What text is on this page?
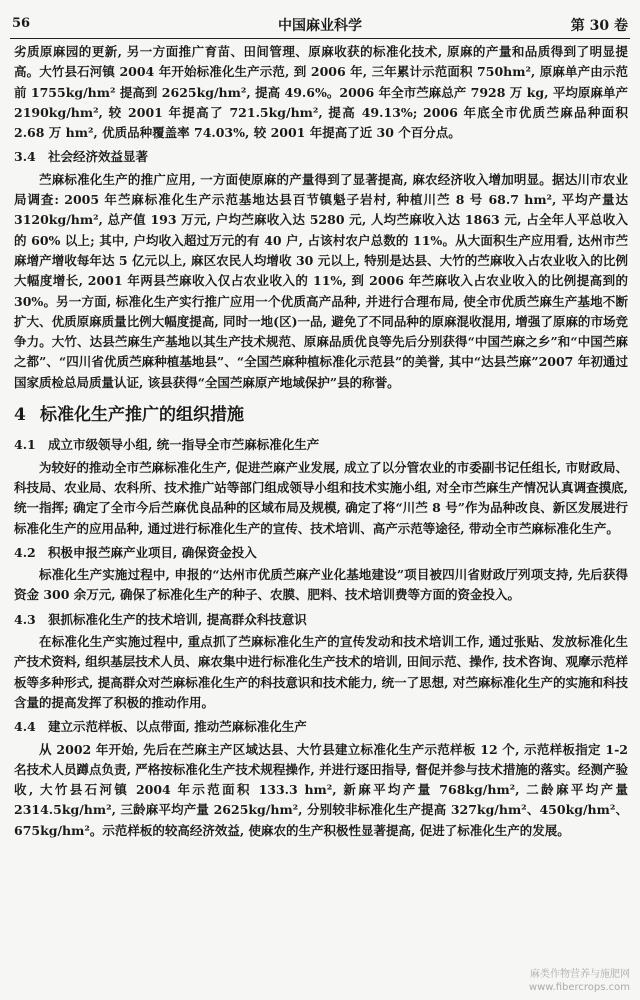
56	中国麻业科学	第 30 卷

劣质原麻园的更新, 另一方面推广育苗、田间管理、原麻收获的标准化技术, 原麻的产量和品质得到了明显提高。大竹县石河镇 2004 年开始标准化生产示范, 到 2006 年, 三年累计示范面积 750hm², 原麻单产由示范前 1755kg/hm² 提高到 2625kg/hm², 提高 49.6%。2006 年全市苎麻总产 7928 万 kg, 平均原麻单产 2190kg/hm², 较 2001 年提高了 721.5kg/hm², 提高 49.13%; 2006 年底全市优质苎麻品种面积 2.68 万 hm², 优质品种覆盖率 74.03%, 较 2001 年提高了近 30 个百分点。

3.4 社会经济效益显著

苎麻标准化生产的推广应用, 一方面使原麻的产量得到了显著提高, 麻农经济收入增加明显。据达川市农业局调查: 2005 年苎麻标准化生产示范基地达县百节镇魁子岩村, 种植川苎 8 号 68.7 hm², 平均产量达 3120kg/hm², 总产值 193 万元, 户均苎麻收入达 5280 元, 人均苎麻收入达 1863 元, 占全年人平总收入的 60% 以上; 其中, 户均收入超过万元的有 40 户, 占该村农户总数的 11%。从大面积生产应用看, 达州市苎麻增产增收每年达 5 亿元以上, 麻区农民人均增收 30 元以上, 特别是达县、大竹的苎麻收入占农业收入的比例大幅度增长, 2001 年两县苎麻收入仅占农业收入的 11%, 到 2006 年苎麻收入占农业收入的比例提高到的 30%。另一方面, 标准化生产实行推广应用一个优质高产品种, 并进行合理布局, 使全市优质苎麻生产基地不断扩大、优质原麻质量比例大幅度提高, 同时一地(区)一品, 避免了不同品种的原麻混收混用, 增强了原麻的市场竞争力。大竹、达县苎麻生产基地以其生产技术规范、原麻品质优良等先后分别获得“中国苎麻之乡”和“中国苎麻之都”、“四川省优质苎麻种植基地县”、“全国苎麻种植标准化示范县”的美誉, 其中“达县苎麻”2007 年初通过国家质检总局质量认证, 该县获得“全国苎麻原产地域保护”县的称誉。

4 标准化生产推广的组织措施
4.1 成立市级领导小组, 统一指导全市苎麻标准化生产

为较好的推动全市苎麻标准化生产, 促进苎麻产业发展, 成立了以分管农业的市委副书记任组长, 市财政局、科技局、农业局、农科所、技术推广站等部门组成领导小组和技术实施小组, 对全市苎麻生产情况认真调查摸底, 统一指挥; 确定了全市今后苎麻优良品种的区域布局及规模, 确定了将“川苎 8 号”作为品种改良、新区发展进行标准化生产的应用品种, 通过进行标准化生产的宣传、技术培训、高产示范等途径, 带动全市苎麻标准化生产。

4.2 积极申报苎麻产业项目, 确保资金投入

标准化生产实施过程中, 申报的“达州市优质苎麻产业化基地建设”项目被四川省财政厅列项支持, 先后获得资金 300 余万元, 确保了标准化生产的种子、农膜、肥料、技术培训费等方面的资金投入。

4.3 狠抓标准化生产的技术培训, 提高群众科技意识

在标准化生产实施过程中, 重点抓了苎麻标准化生产的宣传发动和技术培训工作, 通过张贴、发放标准化生产技术资料, 组织基层技术人员、麻农集中进行标准化生产技术的培训, 田间示范、操作, 技术咨询、观摩示范样板等多种形式, 提高群众对苎麻标准化生产的科技意识和技术能力, 统一了思想, 对苎麻标准化生产的实施和科技含量的提高发挥了积极的推动作用。

4.4 建立示范样板、以点带面, 推动苎麻标准化生产

从 2002 年开始, 先后在苎麻主产区域达县、大竹县建立标准化生产示范样板 12 个, 示范样板指定 1-2 名技术人员蹲点负责, 严格按标准化生产技术规程操作, 并进行逐田指导, 督促并参与技术措施的落实。经测产验收, 大竹县石河镇 2004 年示范面积 133.3 hm², 新麻平均产量 768kg/hm², 二龄麻平均产量 2314.5kg/hm², 三龄麻平均产量 2625kg/hm², 分别较非标准化生产提高 327kg/hm²、450kg/hm²、675kg/hm²。示范样板的较高经济效益, 使麻农的生产积极性显著提高, 促进了标准化生产的发展。

麻类作物营养与施肥网
www.fibercrops.com
